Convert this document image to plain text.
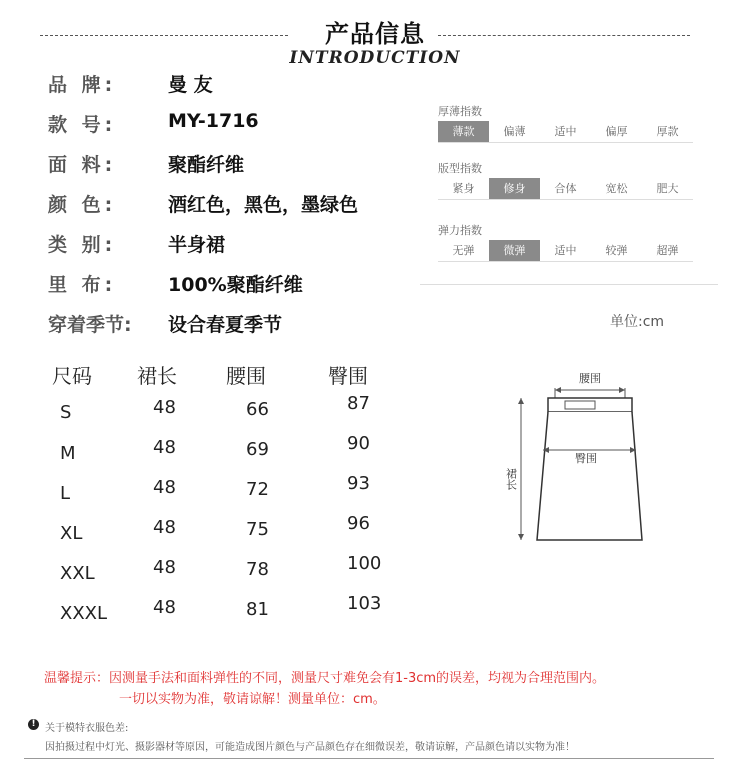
产品信息
INTRODUCTION
品 牌:	曼 友
款 号:	MY-1716
面 料:	聚酯纤维
颜 色:	酒红色，黑色，墨绿色
类 别:	半身裙
里 布:	100%聚酯纤维
穿着季节: 设合春夏季节
厚薄指数
薄款	偏薄	适中	偏厚	厚款
版型指数
紧身	修身	合体	宽松	肥大
弹力指数
无弹	微弹	适中	较弹	超弹
单位:cm
尺码 裙长 腰围	臀围
S	48	66	87
M	48	69	90
L	48	72	93
XL	48	75	96
XXL	48	78	100
XXXL	48	81	103
腰围
裙长
臀围
温馨提示：因测量手法和面料弹性的不同，测量尺寸难免会有1-3cm的误差，均视为合理范围内。
一切以实物为准，敬请谅解！测量单位：cm。
! 关于模特衣服色差:
因拍摄过程中灯光、摄影器材等原因，可能造成图片颜色与产品颜色存在细微误差，敬请谅解，产品颜色请以实物为准！
